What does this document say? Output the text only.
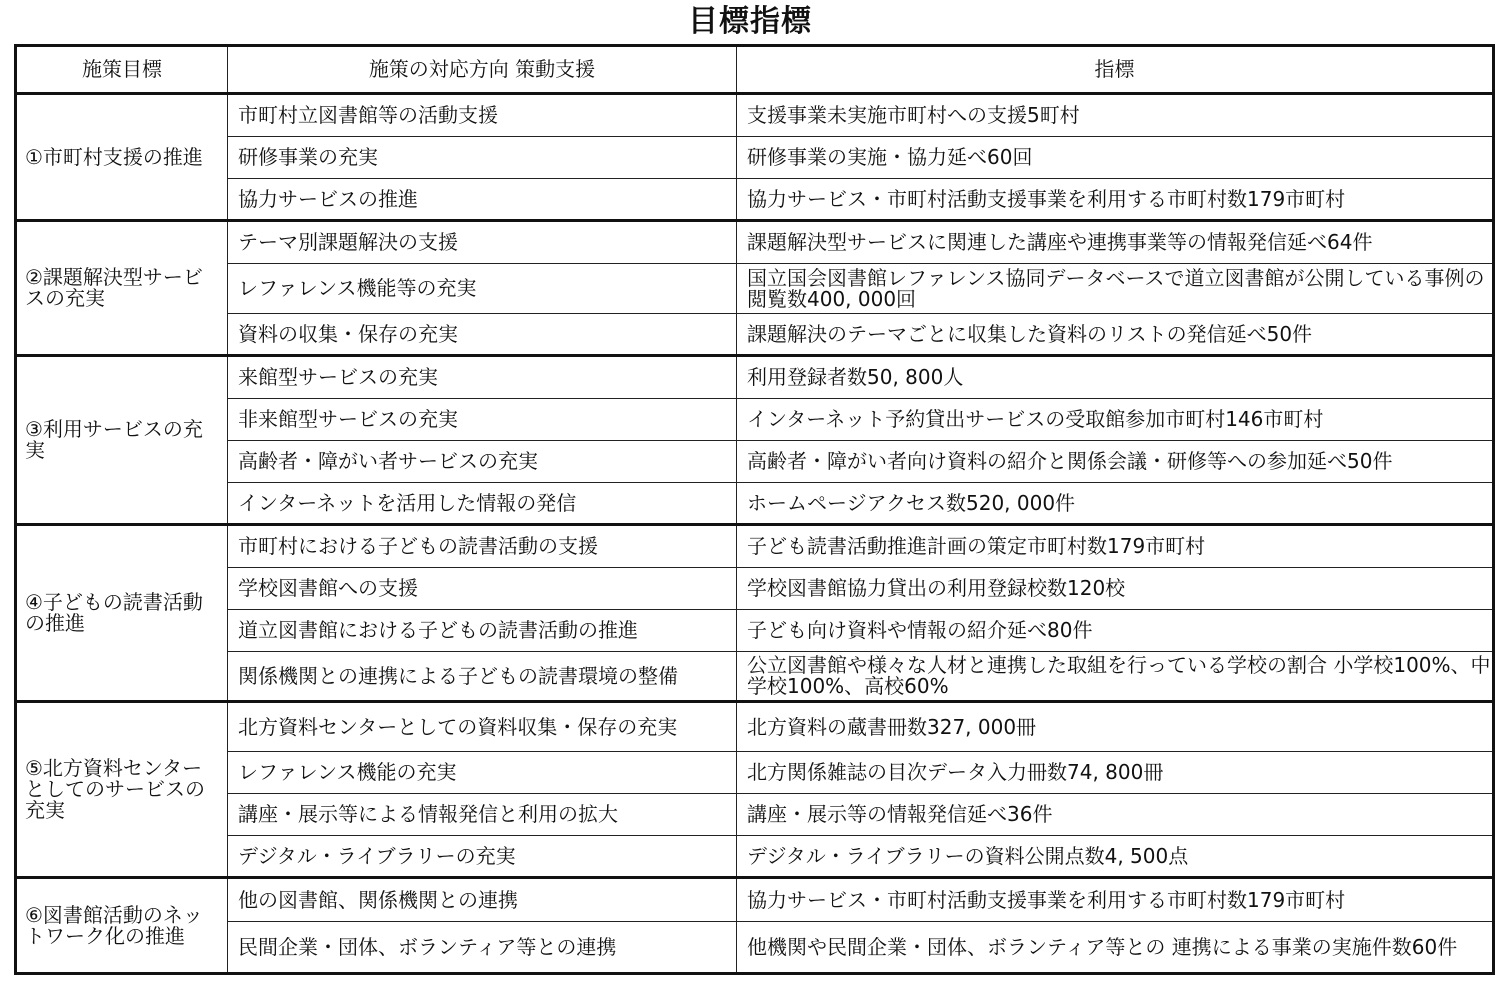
目標指標
施策目標	施策の対応方向 策動支援	指標
①市町村支援の推進	市町村立図書館等の活動支援	支援事業未実施市町村への支援5町村
	研修事業の充実	研修事業の実施・協力延べ60回
	協力サービスの推進	協力サービス・市町村活動支援事業を利用する市町村数179市町村
②課題解決型サービスの充実	テーマ別課題解決の支援	課題解決型サービスに関連した講座や連携事業等の情報発信延べ64件
	レファレンス機能等の充実	国立国会図書館レファレンス協同データベースで道立図書館が公開している事例の閲覧数400, 000回
	資料の収集・保存の充実	課題解決のテーマごとに収集した資料のリストの発信延べ50件
③利用サービスの充実	来館型サービスの充実	利用登録者数50, 800人
	非来館型サービスの充実	インターネット予約貸出サービスの受取館参加市町村146市町村
	高齢者・障がい者サービスの充実	高齢者・障がい者向け資料の紹介と関係会議・研修等への参加延べ50件
	インターネットを活用した情報の発信	ホームページアクセス数520, 000件
④子どもの読書活動の推進	市町村における子どもの読書活動の支援	子ども読書活動推進計画の策定市町村数179市町村
	学校図書館への支援	学校図書館協力貸出の利用登録校数120校
	道立図書館における子どもの読書活動の推進	子ども向け資料や情報の紹介延べ80件
	関係機関との連携による子どもの読書環境の整備	公立図書館や様々な人材と連携した取組を行っている学校の割合 小学校100%、中学校100%、高校60%
⑤北方資料センターとしてのサービスの充実	北方資料センターとしての資料収集・保存の充実	北方資料の蔵書冊数327, 000冊
	レファレンス機能の充実	北方関係雑誌の目次データ入力冊数74, 800冊
	講座・展示等による情報発信と利用の拡大	講座・展示等の情報発信延べ36件
	デジタル・ライブラリーの充実	デジタル・ライブラリーの資料公開点数4, 500点
⑥図書館活動のネットワーク化の推進	他の図書館、関係機関との連携	協力サービス・市町村活動支援事業を利用する市町村数179市町村
	民間企業・団体、ボランティア等との連携	他機関や民間企業・団体、ボランティア等との 連携による事業の実施件数60件
